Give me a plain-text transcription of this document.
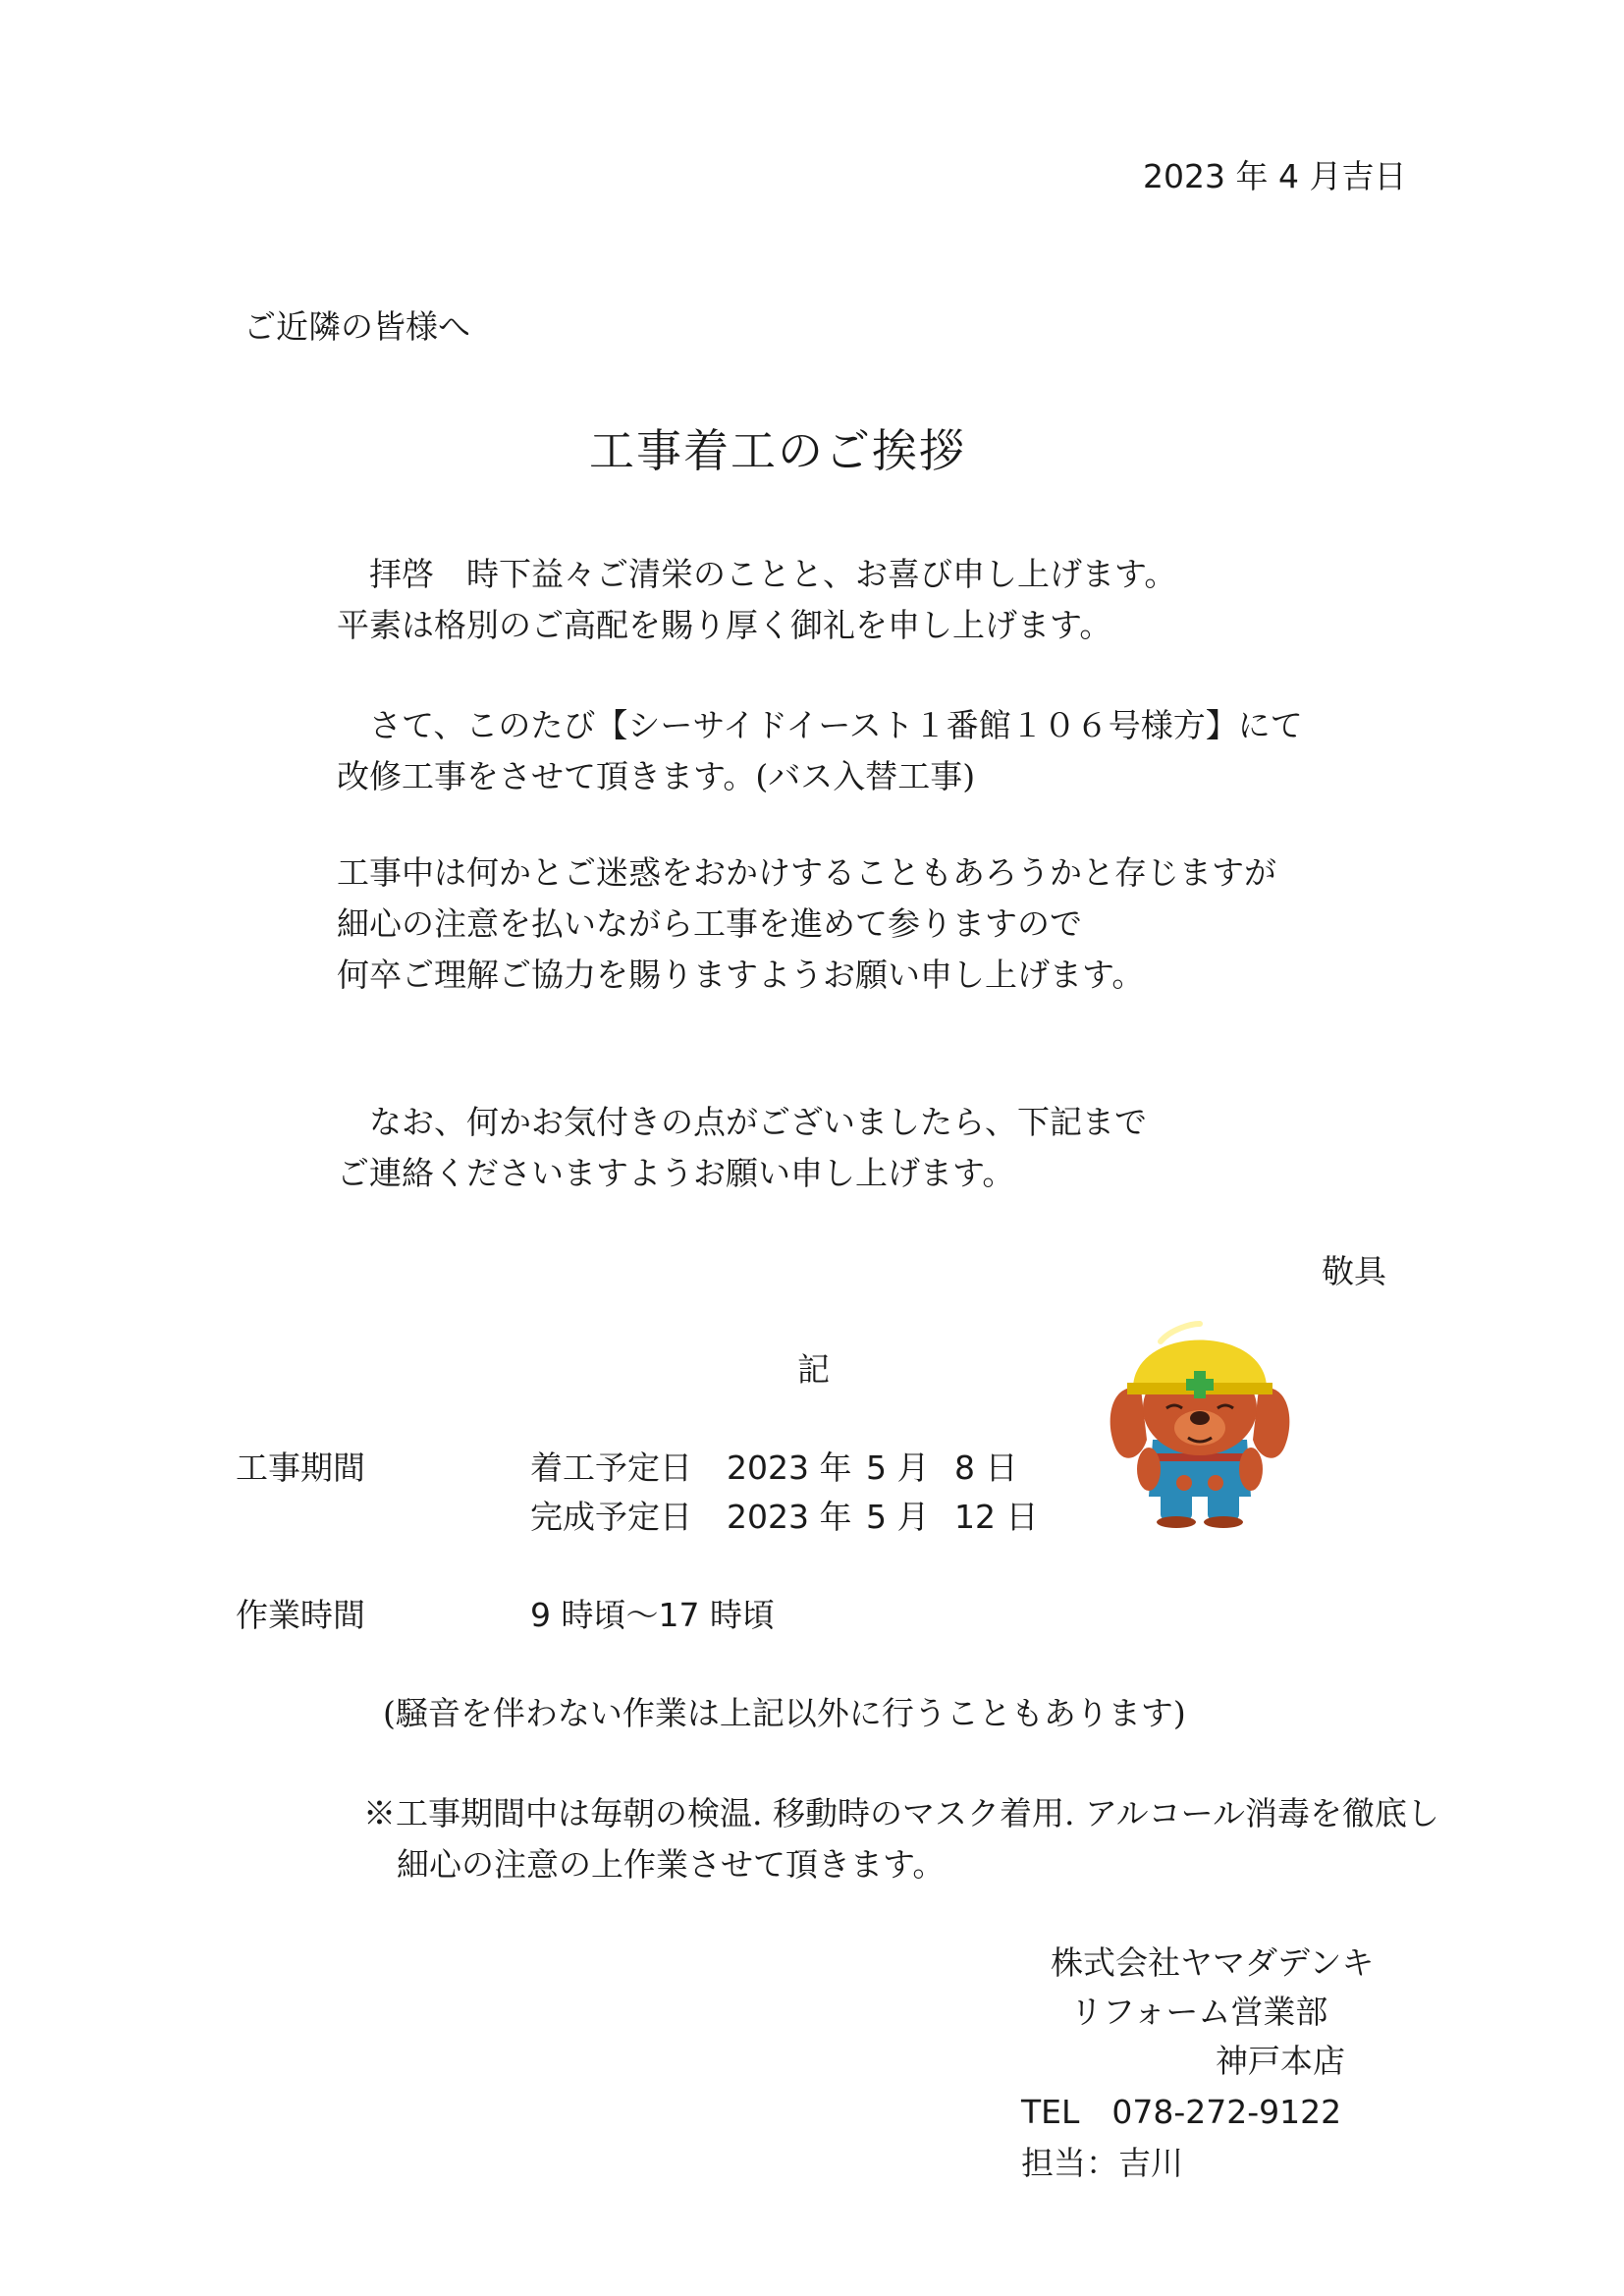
2023 年 4 月吉日
ご近隣の皆様へ
工事着工のご挨拶
　拝啓　時下益々ご清栄のことと、お喜び申し上げます。
平素は格別のご高配を賜り厚く御礼を申し上げます。
　さて、このたび【シーサイドイースト１番館１０６号様方】にて
改修工事をさせて頂きます。(バス入替工事)
工事中は何かとご迷惑をおかけすることもあろうかと存じますが
細心の注意を払いながら工事を進めて参りますので
何卒ご理解ご協力を賜りますようお願い申し上げます。
　なお、何かお気付きの点がございましたら、下記まで
ご連絡くださいますようお願い申し上げます。
敬具
記
工事期間	着工予定日 2023 年 5 月 8 日
完成予定日 2023 年 5 月 12 日
作業時間	9 時頃～17 時頃
(騒音を伴わない作業は上記以外に行うこともあります)
※工事期間中は毎朝の検温. 移動時のマスク着用. アルコール消毒を徹底し
細心の注意の上作業させて頂きます。
株式会社ヤマダデンキ
リフォーム営業部
神戸本店
TEL　078-272-9122
担当：吉川
